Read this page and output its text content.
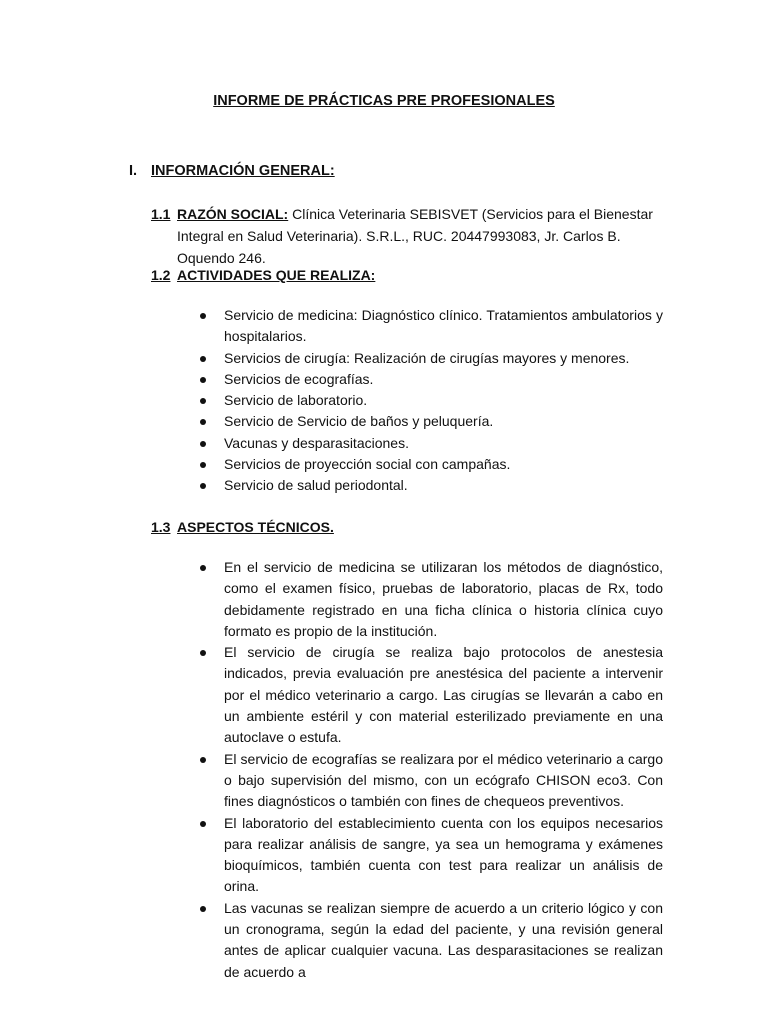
INFORME DE PRÁCTICAS PRE PROFESIONALES
I. INFORMACIÓN GENERAL:
1.1 RAZÓN SOCIAL: Clínica Veterinaria SEBISVET (Servicios para el Bienestar Integral en Salud Veterinaria). S.R.L., RUC. 20447993083, Jr. Carlos B. Oquendo 246.
1.2 ACTIVIDADES QUE REALIZA:
Servicio de medicina: Diagnóstico clínico. Tratamientos ambulatorios y hospitalarios.
Servicios de cirugía: Realización de cirugías mayores y menores.
Servicios de ecografías.
Servicio de laboratorio.
Servicio de Servicio de baños y peluquería.
Vacunas y desparasitaciones.
Servicios de proyección social con campañas.
Servicio de salud periodontal.
1.3 ASPECTOS TÉCNICOS.
En el servicio de medicina se utilizaran los métodos de diagnóstico, como el examen físico, pruebas de laboratorio, placas de Rx, todo debidamente registrado en una ficha clínica o historia clínica cuyo formato es propio de la institución.
El servicio de cirugía se realiza bajo protocolos de anestesia indicados, previa evaluación pre anestésica del paciente a intervenir por el médico veterinario a cargo. Las cirugías se llevarán a cabo en un ambiente estéril y con material esterilizado previamente en una autoclave o estufa.
El servicio de ecografías se realizara por el médico veterinario a cargo o bajo supervisión del mismo, con un ecógrafo CHISON eco3. Con fines diagnósticos o también con fines de chequeos preventivos.
El laboratorio del establecimiento cuenta con los equipos necesarios para realizar análisis de sangre, ya sea un hemograma y exámenes bioquímicos, también cuenta con test para realizar un análisis de orina.
Las vacunas se realizan siempre de acuerdo a un criterio lógico y con un cronograma, según la edad del paciente, y una revisión general antes de aplicar cualquier vacuna. Las desparasitaciones se realizan de acuerdo a
